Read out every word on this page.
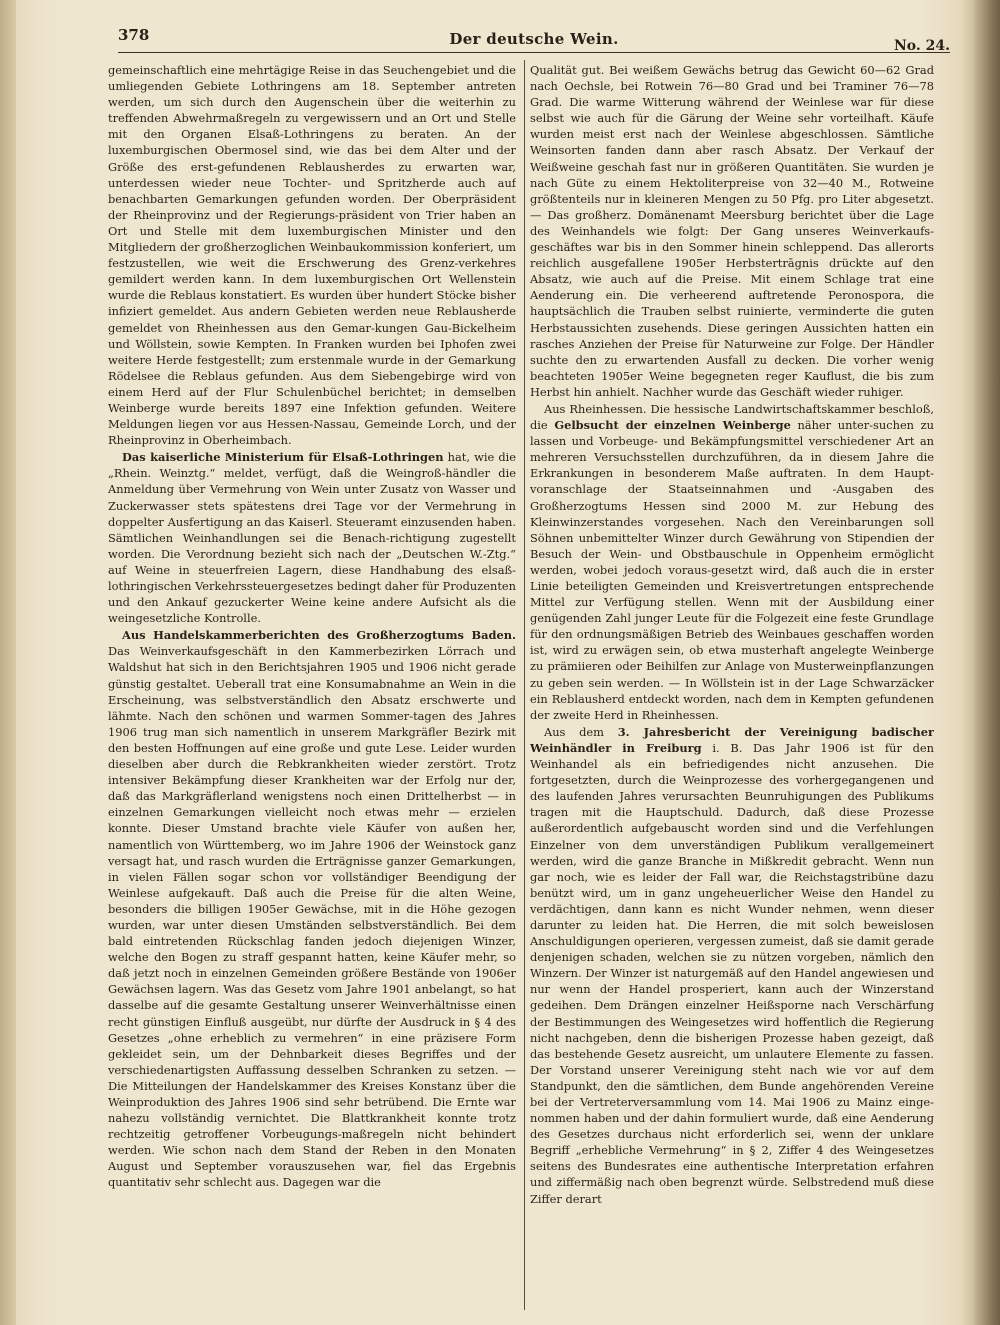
378	Der deutsche Wein.	No. 24.

gemeinschaftlich eine mehrtägige Reise in das Seuchengebiet und die umliegenden Gebiete Lothringens am 18. September antreten werden, um sich durch den Augenschein über die weiterhin zu treffenden Abwehrmaßregeln zu vergewissern und an Ort und Stelle mit den Organen Elsaß-Lothringens zu beraten. An der luxemburgischen Obermosel sind, wie das bei dem Alter und der Größe des erst-gefundenen Reblausherdes zu erwarten war, unterdessen wieder neue Tochter- und Spritzherde auch auf benachbarten Gemarkungen gefunden worden. Der Oberpräsident der Rheinprovinz und der Regierungs-präsident von Trier haben an Ort und Stelle mit dem luxemburgischen Minister und den Mitgliedern der großherzoglichen Weinbaukommission konferiert, um festzustellen, wie weit die Erschwerung des Grenz-verkehres gemildert werden kann. In dem luxemburgischen Ort Wellenstein wurde die Reblaus konstatiert. Es wurden über hundert Stöcke bisher infiziert gemeldet. Aus andern Gebieten werden neue Reblausherde gemeldet von Rheinhessen aus den Gemar-kungen Gau-Bickelheim und Wöllstein, sowie Kempten. In Franken wurden bei Iphofen zwei weitere Herde festgestellt; zum erstenmale wurde in der Gemarkung Rödelsee die Reblaus gefunden. Aus dem Siebengebirge wird von einem Herd auf der Flur Schulenbüchel berichtet; in demselben Weinberge wurde bereits 1897 eine Infektion gefunden. Weitere Meldungen liegen vor aus Hessen-Nassau, Gemeinde Lorch, und der Rheinprovinz in Oberheimbach.

Das kaiserliche Ministerium für Elsaß-Lothringen hat, wie die „Rhein. Weinztg.“ meldet, verfügt, daß die Weingroß-händler die Anmeldung über Vermehrung von Wein unter Zusatz von Wasser und Zuckerwasser stets spätestens drei Tage vor der Vermehrung in doppelter Ausfertigung an das Kaiserl. Steueramt einzusenden haben. Sämtlichen Weinhandlungen sei die Benach-richtigung zugestellt worden. Die Verordnung bezieht sich nach der „Deutschen W.-Ztg.“ auf Weine in steuerfreien Lagern, diese Handhabung des elsaß-lothringischen Verkehrssteuergesetzes bedingt daher für Produzenten und den Ankauf gezuckerter Weine keine andere Aufsicht als die weingesetzliche Kontrolle.

Aus Handelskammerberichten des Großherzogtums Baden. Das Weinverkaufsgeschäft in den Kammerbezirken Lörrach und Waldshut hat sich in den Berichtsjahren 1905 und 1906 nicht gerade günstig gestaltet. Ueberall trat eine Konsumabnahme an Wein in die Erscheinung, was selbstverständlich den Absatz erschwerte und lähmte. Nach den schönen und warmen Sommer-tagen des Jahres 1906 trug man sich namentlich in unserem Markgräfler Bezirk mit den besten Hoffnungen auf eine große und gute Lese. Leider wurden dieselben aber durch die Rebkrankheiten wieder zerstört. Trotz intensiver Bekämpfung dieser Krankheiten war der Erfolg nur der, daß das Markgräflerland wenigstens noch einen Drittelherbst — in einzelnen Gemarkungen vielleicht noch etwas mehr — erzielen konnte. Dieser Umstand brachte viele Käufer von außen her, namentlich von Württemberg, wo im Jahre 1906 der Weinstock ganz versagt hat, und rasch wurden die Erträgnisse ganzer Gemarkungen, in vielen Fällen sogar schon vor vollständiger Beendigung der Weinlese aufgekauft. Daß auch die Preise für die alten Weine, besonders die billigen 1905er Gewächse, mit in die Höhe gezogen wurden, war unter diesen Umständen selbstverständlich. Bei dem bald eintretenden Rückschlag fanden jedoch diejenigen Winzer, welche den Bogen zu straff gespannt hatten, keine Käufer mehr, so daß jetzt noch in einzelnen Gemeinden größere Bestände von 1906er Gewächsen lagern. Was das Gesetz vom Jahre 1901 anbelangt, so hat dasselbe auf die gesamte Gestaltung unserer Weinverhältnisse einen recht günstigen Einfluß ausgeübt, nur dürfte der Ausdruck in § 4 des Gesetzes „ohne erheblich zu vermehren“ in eine präzisere Form gekleidet sein, um der Dehnbarkeit dieses Begriffes und der verschiedenartigsten Auffassung desselben Schranken zu setzen. — Die Mitteilungen der Handelskammer des Kreises Konstanz über die Weinproduktion des Jahres 1906 sind sehr betrübend. Die Ernte war nahezu vollständig vernichtet. Die Blattkrankheit konnte trotz rechtzeitig getroffener Vorbeugungs-maßregeln nicht behindert werden. Wie schon nach dem Stand der Reben in den Monaten August und September vorauszusehen war, fiel das Ergebnis quantitativ sehr schlecht aus. Dagegen war die

Qualität gut. Bei weißem Gewächs betrug das Gewicht 60—62 Grad nach Oechsle, bei Rotwein 76—80 Grad und bei Traminer 76—78 Grad. Die warme Witterung während der Weinlese war für diese selbst wie auch für die Gärung der Weine sehr vorteilhaft. Käufe wurden meist erst nach der Weinlese abgeschlossen. Sämtliche Weinsorten fanden dann aber rasch Absatz. Der Verkauf der Weißweine geschah fast nur in größeren Quantitäten. Sie wurden je nach Güte zu einem Hektoliterpreise von 32—40 M., Rotweine größtenteils nur in kleineren Mengen zu 50 Pfg. pro Liter abgesetzt. — Das großherz. Domänenamt Meersburg berichtet über die Lage des Weinhandels wie folgt: Der Gang unseres Weinverkaufs-geschäftes war bis in den Sommer hinein schleppend. Das allerorts reichlich ausgefallene 1905er Herbstertrāgnis drückte auf den Absatz, wie auch auf die Preise. Mit einem Schlage trat eine Aenderung ein. Die verheerend auftretende Peronospora, die hauptsächlich die Trauben selbst ruinierte, verminderte die guten Herbstaussichten zusehends. Diese geringen Aussichten hatten ein rasches Anziehen der Preise für Naturweine zur Folge. Der Händler suchte den zu erwartenden Ausfall zu decken. Die vorher wenig beachteten 1905er Weine begegneten reger Kauflust, die bis zum Herbst hin anhielt. Nachher wurde das Geschäft wieder ruhiger.

Aus Rheinhessen. Die hessische Landwirtschaftskammer beschloß, die Gelbsucht der einzelnen Weinberge näher unter-suchen zu lassen und Vorbeuge- und Bekämpfungsmittel verschiedener Art an mehreren Versuchsstellen durchzuführen, da in diesem Jahre die Erkrankungen in besonderem Maße auftraten. In dem Haupt-voranschlage der Staatseinnahmen und -Ausgaben des Großherzogtums Hessen sind 2000 M. zur Hebung des Kleinwinzerstandes vorgesehen. Nach den Vereinbarungen soll Söhnen unbemittelter Winzer durch Gewährung von Stipendien der Besuch der Wein- und Obstbauschule in Oppenheim ermöglicht werden, wobei jedoch voraus-gesetzt wird, daß auch die in erster Linie beteiligten Gemeinden und Kreisvertretungen entsprechende Mittel zur Verfügung stellen. Wenn mit der Ausbildung einer genügenden Zahl junger Leute für die Folgezeit eine feste Grundlage für den ordnungsmäßigen Betrieb des Weinbaues geschaffen worden ist, wird zu erwägen sein, ob etwa musterhaft angelegte Weinberge zu prämiieren oder Beihilfen zur Anlage von Musterweinpflanzungen zu geben sein werden. — In Wöllstein ist in der Lage Schwarzäcker ein Reblausherd entdeckt worden, nach dem in Kempten gefundenen der zweite Herd in Rheinhessen.

Aus dem 3. Jahresbericht der Vereinigung badischer Weinhändler in Freiburg i. B. Das Jahr 1906 ist für den Weinhandel als ein befriedigendes nicht anzusehen. Die fortgesetzten, durch die Weinprozesse des vorhergegangenen und des laufenden Jahres verursachten Beunruhigungen des Publikums tragen mit die Hauptschuld. Dadurch, daß diese Prozesse außerordentlich aufgebauscht worden sind und die Verfehlungen Einzelner von dem unverständigen Publikum verallgemeinert werden, wird die ganze Branche in Mißkredit gebracht. Wenn nun gar noch, wie es leider der Fall war, die Reichstagstribüne dazu benützt wird, um in ganz ungeheuerlicher Weise den Handel zu verdächtigen, dann kann es nicht Wunder nehmen, wenn dieser darunter zu leiden hat. Die Herren, die mit solch beweislosen Anschuldigungen operieren, vergessen zumeist, daß sie damit gerade denjenigen schaden, welchen sie zu nützen vorgeben, nämlich den Winzern. Der Winzer ist naturgemäß auf den Handel angewiesen und nur wenn der Handel prosperiert, kann auch der Winzerstand gedeihen. Dem Drängen einzelner Heißsporne nach Verschärfung der Bestimmungen des Weingesetzes wird hoffentlich die Regierung nicht nachgeben, denn die bisherigen Prozesse haben gezeigt, daß das bestehende Gesetz ausreicht, um unlautere Elemente zu fassen. Der Vorstand unserer Vereinigung steht nach wie vor auf dem Standpunkt, den die sämtlichen, dem Bunde angehörenden Vereine bei der Vertreterversammlung vom 14. Mai 1906 zu Mainz einge-nommen haben und der dahin formuliert wurde, daß eine Aenderung des Gesetzes durchaus nicht erforderlich sei, wenn der unklare Begriff „erhebliche Vermehrung“ in § 2, Ziffer 4 des Weingesetzes seitens des Bundesrates eine authentische Interpretation erfahren und ziffermäßig nach oben begrenzt würde. Selbstredend muß diese Ziffer derart
